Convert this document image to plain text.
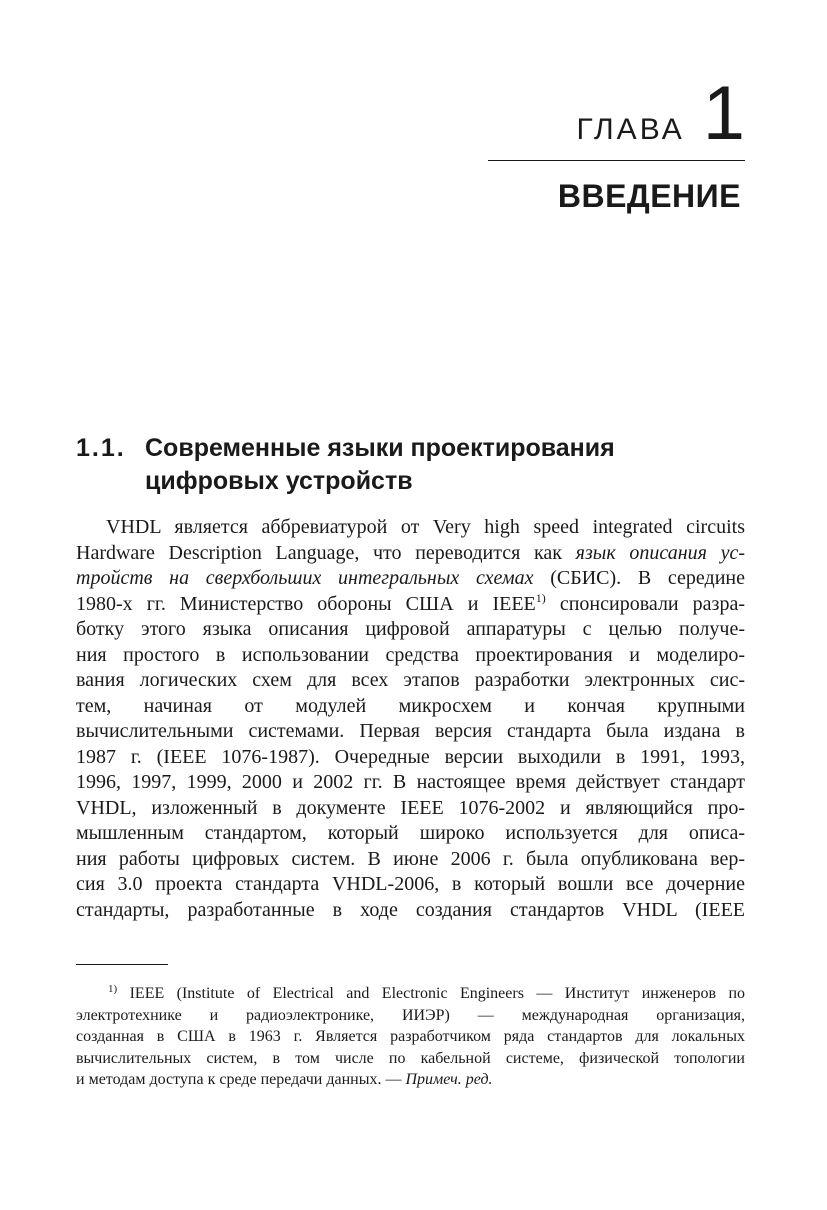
ГЛАВА 1
ВВЕДЕНИЕ
1.1. Современные языки проектирования
цифровых устройств
VHDL является аббревиатурой от Very high speed integrated circuits
Hardware Description Language, что переводится как язык описания ус-
тройств на сверхбольших интегральных схемах (СБИС). В середине
1980-х гг. Министерство обороны США и IEEE$^{1)}$ спонсировали разра-
ботку этого языка описания цифровой аппаратуры с целью получе-
ния простого в использовании средства проектирования и моделиро-
вания логических схем для всех этапов разработки электронных сис-
тем, начиная от модулей микросхем и кончая крупными
вычислительными системами. Первая версия стандарта была издана в
1987 г. (IEEE 1076-1987). Очередные версии выходили в 1991, 1993,
1996, 1997, 1999, 2000 и 2002 гг. В настоящее время действует стандарт
VHDL, изложенный в документе IEEE 1076-2002 и являющийся про-
мышленным стандартом, который широко используется для описа-
ния работы цифровых систем. В июне 2006 г. была опубликована вер-
сия 3.0 проекта стандарта VHDL-2006, в который вошли все дочерние
стандарты, разработанные в ходе создания стандартов VHDL (IEEE
$^{1)}$ IEEE (Institute of Electrical and Electronic Engineers — Институт инженеров по
электротехнике и радиоэлектронике, ИИЭР) — международная организация,
созданная в США в 1963 г. Является разработчиком ряда стандартов для локальных
вычислительных систем, в том числе по кабельной системе, физической топологии
и методам доступа к среде передачи данных. — Примеч. ред.
